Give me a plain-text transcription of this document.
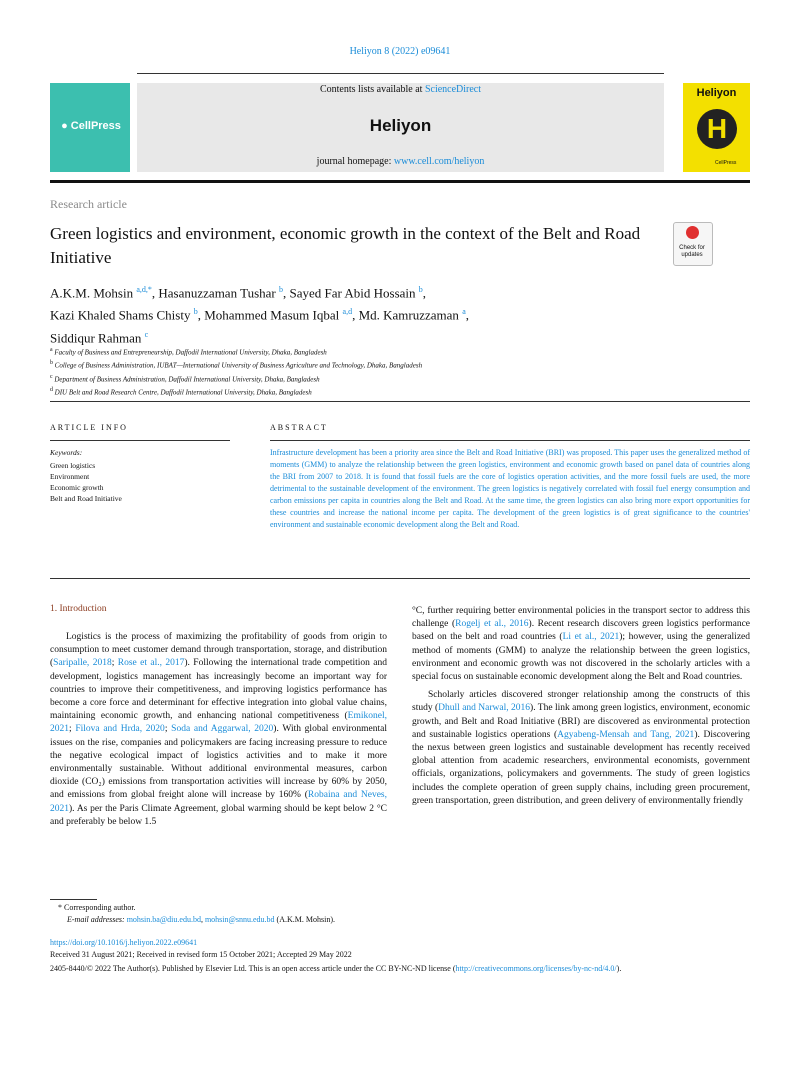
Heliyon 8 (2022) e09641
● CellPress
Contents lists available at ScienceDirect
Heliyon
journal homepage: www.cell.com/heliyon
Heliyon
H
CellPress
Research article
Green logistics and environment, economic growth in the context of the Belt and Road Initiative	Check for updates
A.K.M. Mohsin $^{a,d,*}$, Hasanuzzaman Tushar $^b$, Sayed Far Abid Hossain $^b$,
Kazi Khaled Shams Chisty $^b$, Mohammed Masum Iqbal $^{a,d}$, Md. Kamruzzaman $^a$,
Siddiqur Rahman $^c$
$^a$ Faculty of Business and Entrepreneurship, Daffodil International University, Dhaka, Bangladesh
$^b$ College of Business Administration, IUBAT—International University of Business Agriculture and Technology, Dhaka, Bangladesh
$^c$ Department of Business Administration, Daffodil International University, Dhaka, Bangladesh
$^d$ DIU Belt and Road Research Centre, Daffodil International University, Dhaka, Bangladesh
ARTICLE INFO
Keywords:
Green logistics
Environment
Economic growth
Belt and Road Initiative
ABSTRACT
Infrastructure development has been a priority area since the Belt and Road Initiative (BRI) was proposed. This paper uses the generalized method of moments (GMM) to analyze the relationship between the green logistics, environment and economic growth based on panel data of countries along the BRI from 2007 to 2018. It is found that fossil fuels are the core of logistics operation activities, and the more fossil fuels are used, the more detrimental to the sustainable development of the environment. The green logistics is negatively correlated with fossil fuel energy consumption and carbon emissions per capita in countries along the Belt and Road. At the same time, the green logistics can also bring more export opportunities for these countries and increase the national income per capita. The development of the green logistics is of great significance to the countries' environment and sustainable economic development along the Belt and Road.
1. Introduction

Logistics is the process of maximizing the profitability of goods from origin to consumption to meet customer demand through transportation, storage, and distribution (Saripalle, 2018; Rose et al., 2017). Following the international trade competition and development, logistics management has increasingly become an important way for countries to improve their competitiveness, and improving logistics performance has become a core force and determinant for effective integration into global value chains, maintaining economic growth, and enhancing national competitiveness (Emikonel, 2021; Filova and Hrda, 2020; Soda and Aggarwal, 2020). With global environmental issues on the rise, companies and policymakers are facing increasing pressure to reduce the negative ecological impact of logistics activities and to make it more environmentally sustainable. Without additional environmental measures, carbon dioxide (CO₂) emissions from transportation activities will increase by 60% by 2050, and emissions from global freight alone will increase by 160% (Robaina and Neves, 2021). As per the Paris Climate Agreement, global warming should be kept below 2 °C and preferably be below 1.5

°C, further requiring better environmental policies in the transport sector to address this challenge (Rogelj et al., 2016). Recent research discovers green logistics performance based on the belt and road countries (Li et al., 2021); however, using the generalized method of moments (GMM) to analyze the relationship between the green logistics, environment and economic growth was not discovered in the scholarly articles with a special focus on sustainable economic development along the Belt and Road countries.

Scholarly articles discovered stronger relationship among the constructs of this study (Dhull and Narwal, 2016). The link among green logistics, environment, economic growth, and Belt and Road Initiative (BRI) are discovered as environmental protection and sustainable logistics operations (Agyabeng-Mensah and Tang, 2021). Discovering the nexus between green logistics and sustainable development has recently received global attention from academic researchers, environmental economists, government officials, organizations, policymakers and governments. The study of green logistics includes the complete operation of green supply chains, including green procurement, green transportation, green distribution, and green delivery of environmentally friendly

* Corresponding author.
E-mail addresses: mohsin.ba@diu.edu.bd, mohsin@snnu.edu.bd (A.K.M. Mohsin).
https://doi.org/10.1016/j.heliyon.2022.e09641
Received 31 August 2021; Received in revised form 15 October 2021; Accepted 29 May 2022
2405-8440/© 2022 The Author(s). Published by Elsevier Ltd. This is an open access article under the CC BY-NC-ND license (http://creativecommons.org/licenses/by-nc-nd/4.0/).
